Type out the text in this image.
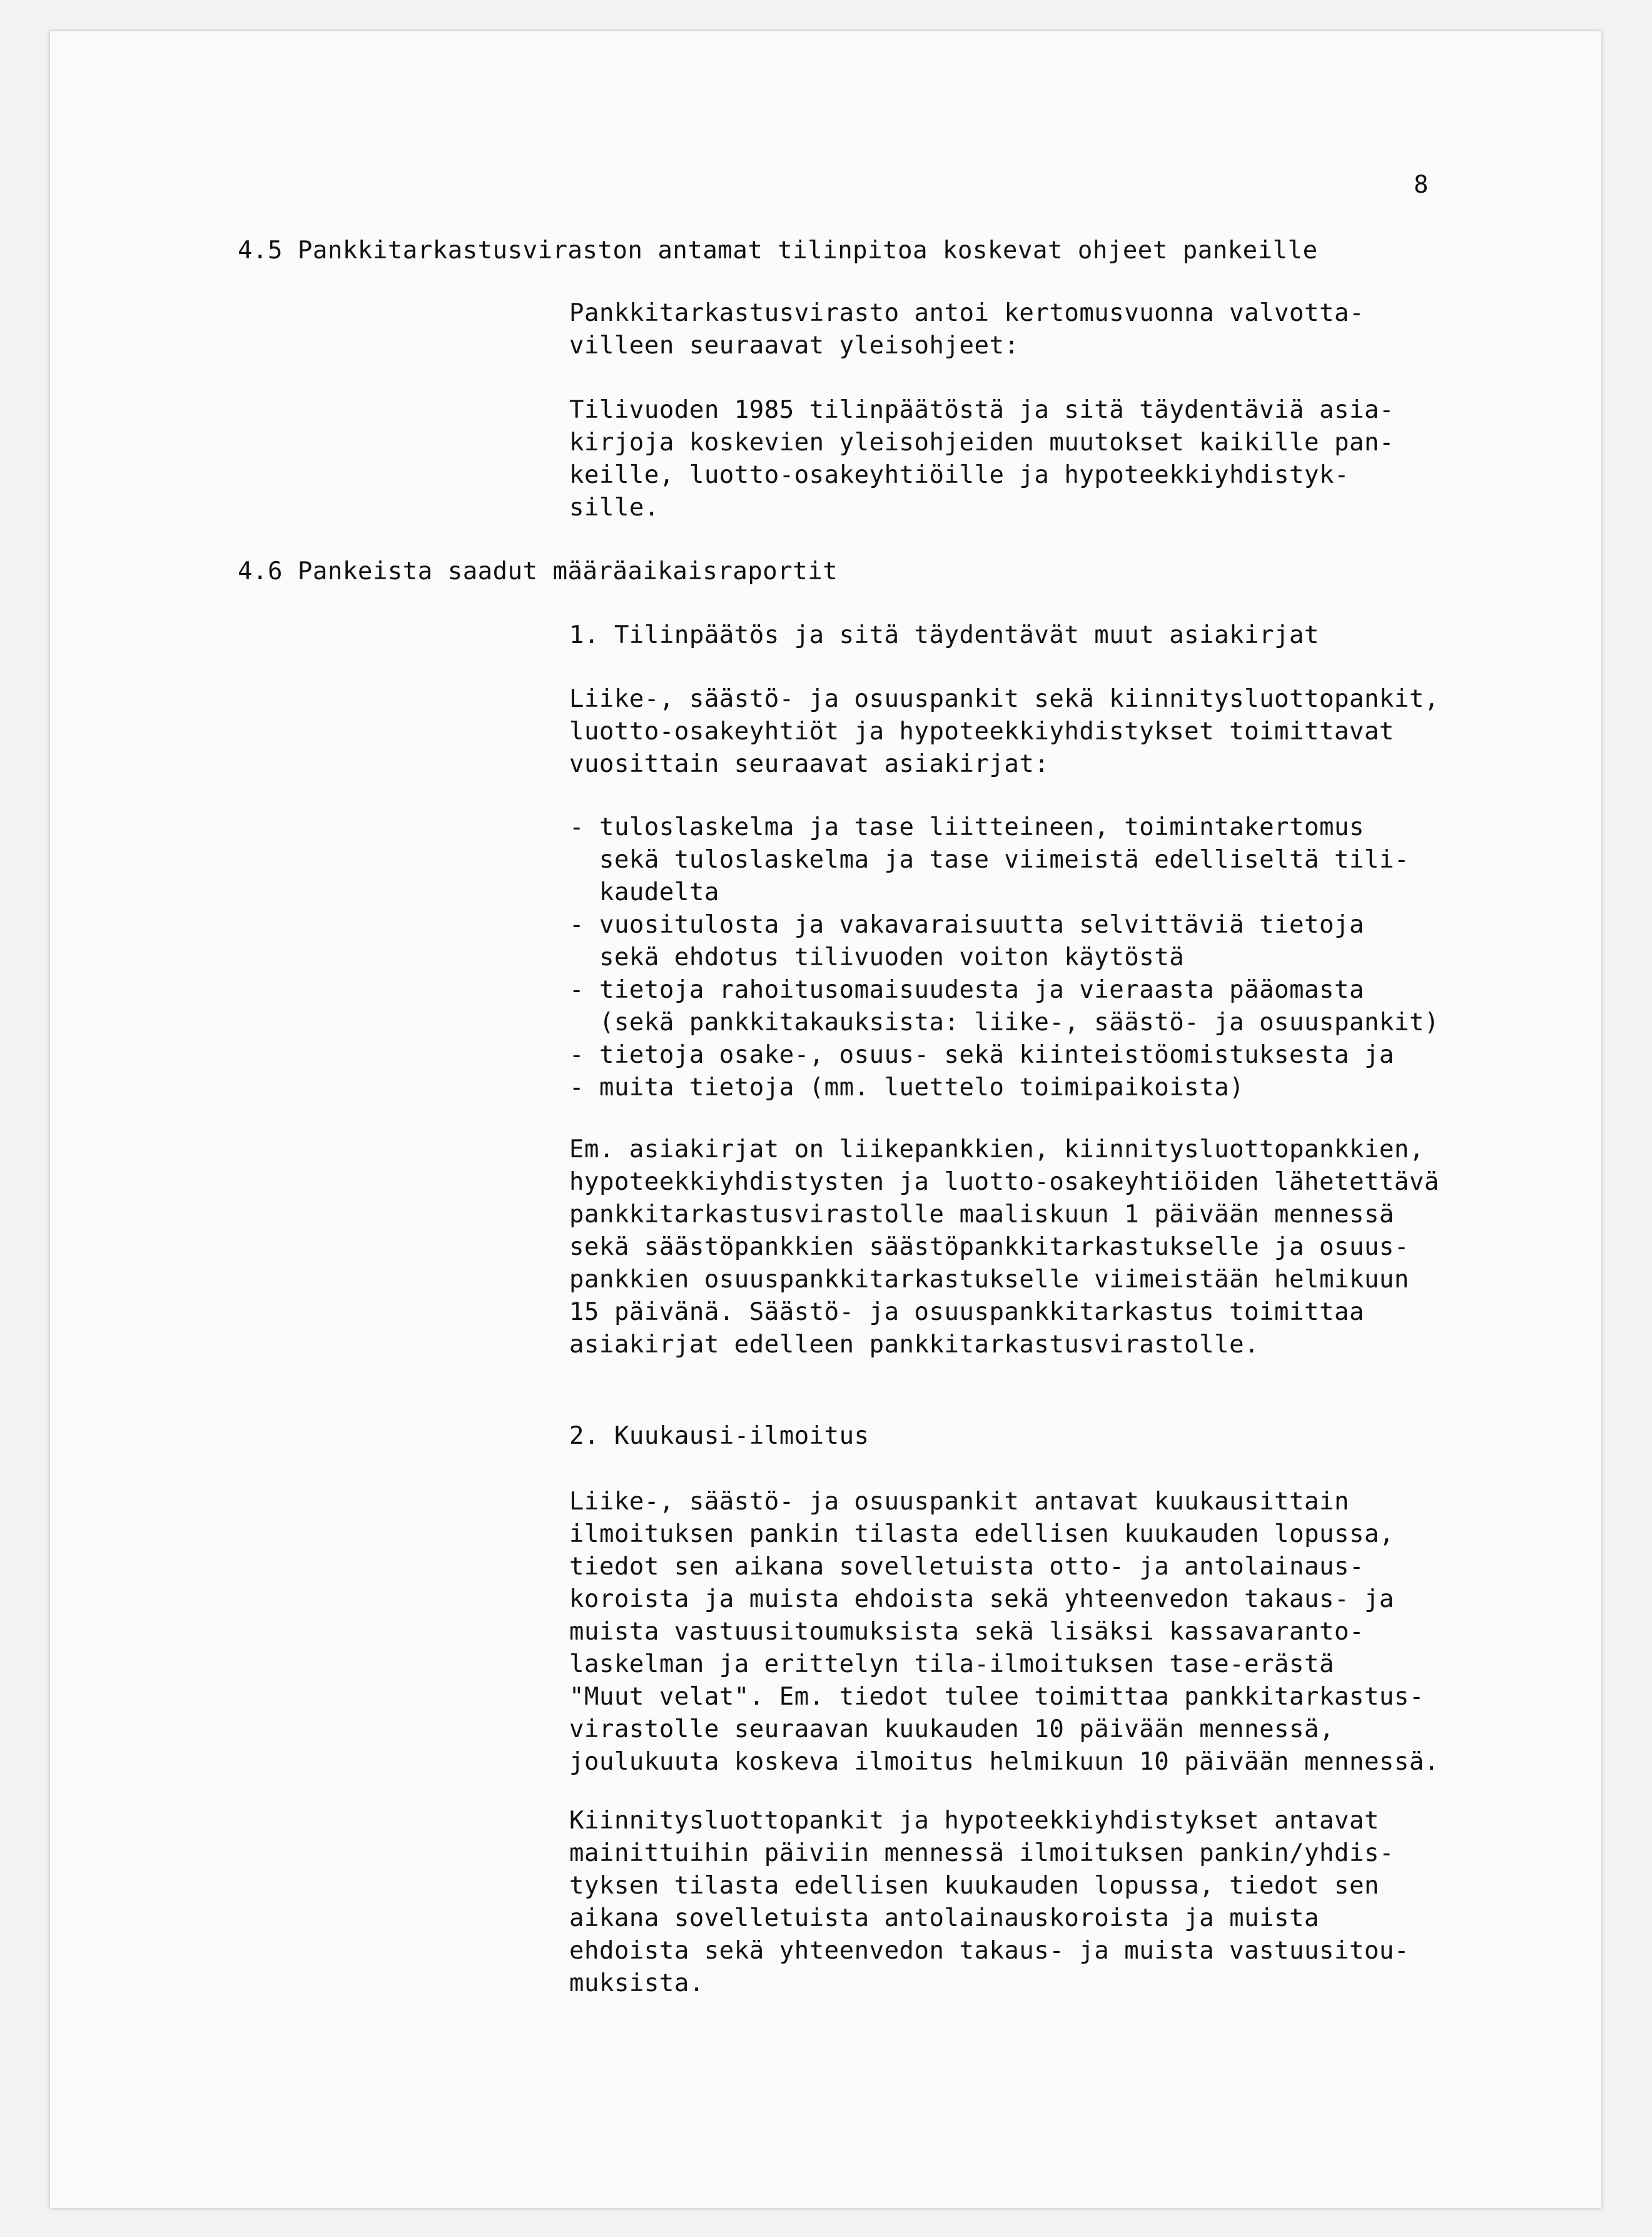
8

4.5 Pankkitarkastusviraston antamat tilinpitoa koskevat ohjeet pankeille

Pankkitarkastusvirasto antoi kertomusvuonna valvotta-
villeen seuraavat yleisohjeet:

Tilivuoden 1985 tilinpäätöstä ja sitä täydentäviä asia-
kirjoja koskevien yleisohjeiden muutokset kaikille pan-
keille, luotto-osakeyhtiöille ja hypoteekkiyhdistyk-
sille.

4.6 Pankeista saadut määräaikaisraportit

1. Tilinpäätös ja sitä täydentävät muut asiakirjat

Liike-, säästö- ja osuuspankit sekä kiinnitysluottopankit,
luotto-osakeyhtiöt ja hypoteekkiyhdistykset toimittavat
vuosittain seuraavat asiakirjat:

- tuloslaskelma ja tase liitteineen, toimintakertomus
sekä tuloslaskelma ja tase viimeistä edelliseltä tili-
kaudelta
- vuositulosta ja vakavaraisuutta selvittäviä tietoja
sekä ehdotus tilivuoden voiton käytöstä
- tietoja rahoitusomaisuudesta ja vieraasta pääomasta
(sekä pankkitakauksista: liike-, säästö- ja osuuspankit)
- tietoja osake-, osuus- sekä kiinteistöomistuksesta ja
- muita tietoja (mm. luettelo toimipaikoista)

Em. asiakirjat on liikepankkien, kiinnitysluottopankkien,
hypoteekkiyhdistysten ja luotto-osakeyhtiöiden lähetettävä
pankkitarkastusvirastolle maaliskuun 1 päivään mennessä
sekä säästöpankkien säästöpankkitarkastukselle ja osuus-
pankkien osuuspankkitarkastukselle viimeistään helmikuun
15 päivänä. Säästö- ja osuuspankkitarkastus toimittaa
asiakirjat edelleen pankkitarkastusvirastolle.

2. Kuukausi-ilmoitus

Liike-, säästö- ja osuuspankit antavat kuukausittain
ilmoituksen pankin tilasta edellisen kuukauden lopussa,
tiedot sen aikana sovelletuista otto- ja antolainaus-
koroista ja muista ehdoista sekä yhteenvedon takaus- ja
muista vastuusitoumuksista sekä lisäksi kassavaranto-
laskelman ja erittelyn tila-ilmoituksen tase-erästä
"Muut velat". Em. tiedot tulee toimittaa pankkitarkastus-
virastolle seuraavan kuukauden 10 päivään mennessä,
joulukuuta koskeva ilmoitus helmikuun 10 päivään mennessä.

Kiinnitysluottopankit ja hypoteekkiyhdistykset antavat
mainittuihin päiviin mennessä ilmoituksen pankin/yhdis-
tyksen tilasta edellisen kuukauden lopussa, tiedot sen
aikana sovelletuista antolainauskoroista ja muista
ehdoista sekä yhteenvedon takaus- ja muista vastuusitou-
muksista.
